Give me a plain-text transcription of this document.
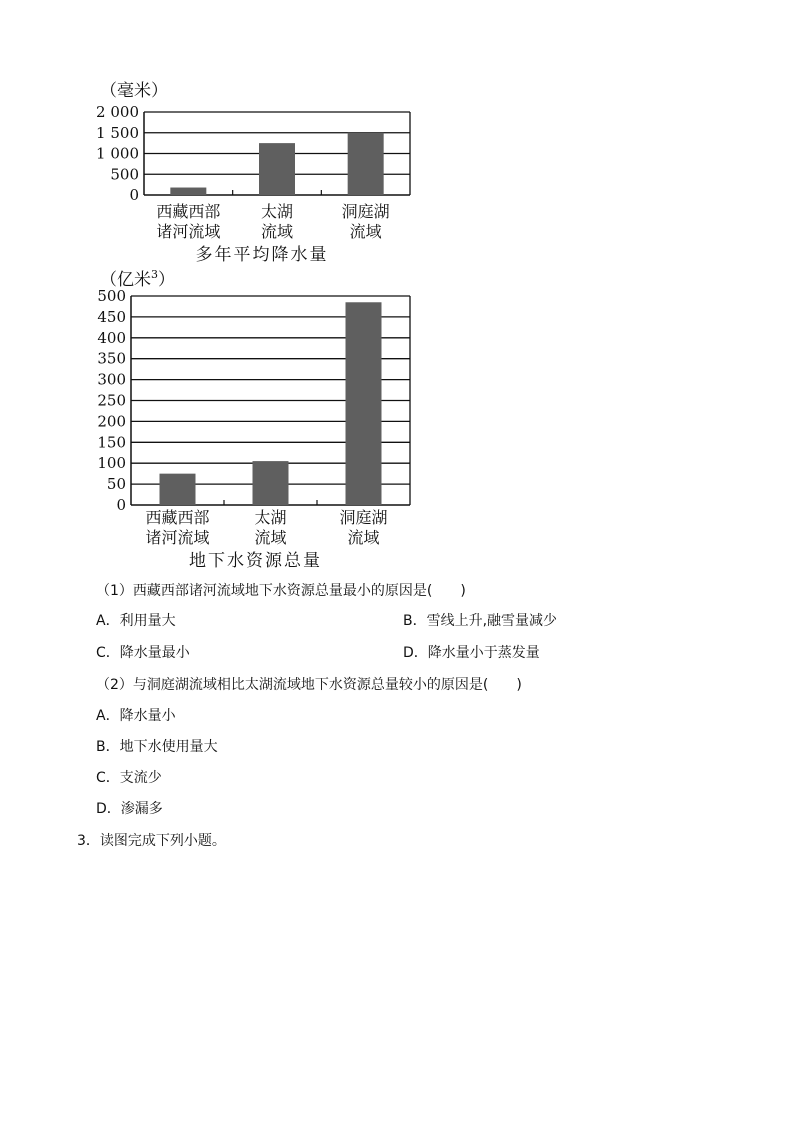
（毫米）
0
500
1 000
1 500
2 000
西藏西部
诸河流域
太湖
流域
洞庭湖
流域
多年平均降水量
（亿米$^3$）
0
50
100
150
200
250
300
350
400
450
500
西藏西部
诸河流域
太湖
流域
洞庭湖
流域
地下水资源总量
（1）西藏西部诸河流域地下水资源总量最小的原因是(　　)
A．利用量大	B．雪线上升,融雪量减少
C．降水量最小	D．降水量小于蒸发量
（2）与洞庭湖流域相比太湖流域地下水资源总量较小的原因是(　　)
A．降水量小
B．地下水使用量大
C．支流少
D．渗漏多
3．读图完成下列小题。
